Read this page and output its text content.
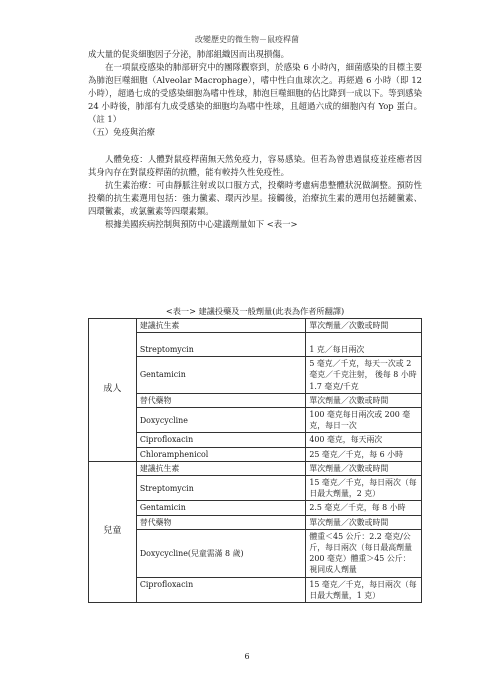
改變歷史的微生物－鼠疫桿菌

成大量的促炎細胞因子分泌，肺部組織因而出現損傷。

在一項鼠疫感染的肺部研究中的團隊觀察到，於感染 6 小時內，細菌感染的目標主要為肺泡巨噬細胞（Alveolar Macrophage），嗜中性白血球次之。再經過 6 小時（即 12 小時），超過七成的受感染細胞為嗜中性球，肺泡巨噬細胞的佔比降到一成以下。等到感染 24 小時後，肺部有九成受感染的細胞均為嗜中性球，且超過六成的細胞內有 Yop 蛋白。（註 1）

（五）免疫與治療

人體免疫：人體對鼠疫桿菌無天然免疫力，容易感染。但若為曾患過鼠疫並痊癒者因其身內存在對鼠疫桿菌的抗體，能有較持久性免疫性。

抗生素治療：可由靜脈注射或以口服方式，投藥時考慮病患整體狀況做調整。預防性投藥的抗生素選用包括：強力黴素、環丙沙星。接觸後，治療抗生素的選用包括鏈黴素、四環黴素，或氯黴素等四環素類。

根據美國疾病控制與預防中心建議劑量如下 <表一>

<表一> 建議投藥及一般劑量(此表為作者所翻譯)
成人	建議抗生素	單次劑量／次數或時間
	Streptomycin	1 克／每日兩次
	Gentamicin	5 毫克／千克，每天一次或 2 毫克／千克注射， 後每 8 小時 1.7 毫克/千克
	替代藥物	單次劑量／次數或時間
	Doxycycline	100 毫克每日兩次或 200 毫克，每日一次
	Ciprofloxacin	400 毫克，每天兩次
	Chloramphenicol	25 毫克／千克，每 6 小時
兒童	建議抗生素	單次劑量／次數或時間
	Streptomycin	15 毫克／千克，每日兩次（每日最大劑量，2 克）
	Gentamicin	2.5 毫克／千克，每 8 小時
	替代藥物	單次劑量／次數或時間
	Doxycycline(兒童需滿 8 歲)	體重＜45 公斤：2.2 毫克/公斤，每日兩次（每日最高劑量 200 毫克）體重＞45 公斤：視同成人劑量
	Ciprofloxacin	15 毫克／千克，每日兩次（每日最大劑量，1 克）
6
